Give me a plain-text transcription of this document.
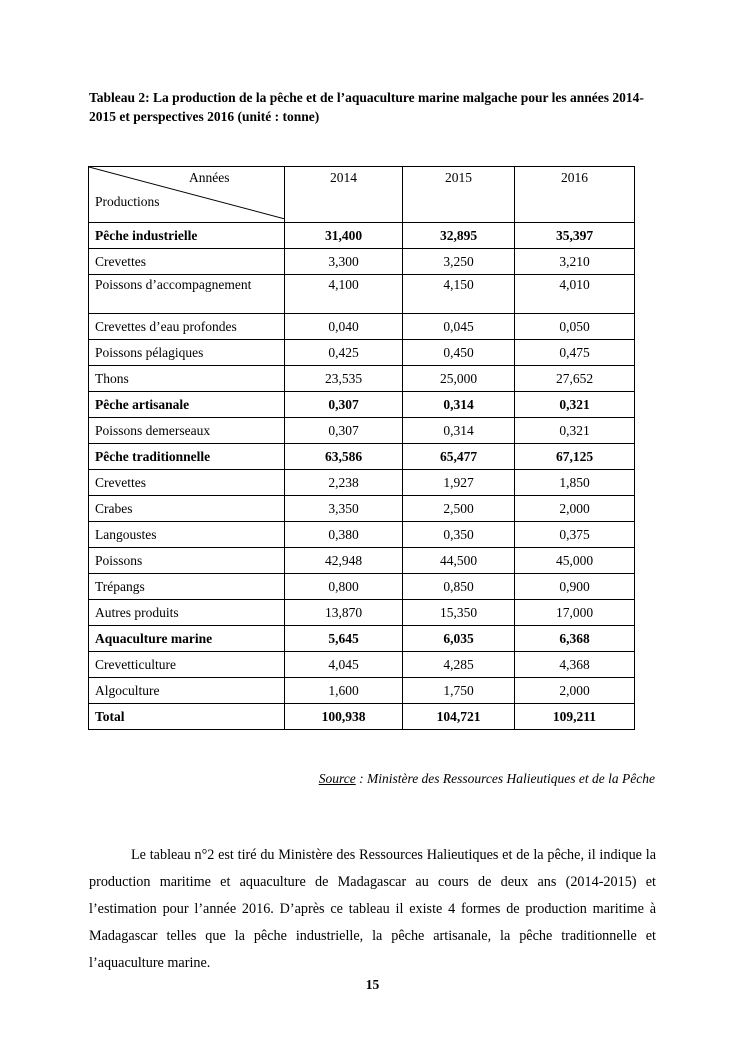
Tableau 2: La production de la pêche et de l’aquaculture marine malgache pour les années 2014-2015 et perspectives 2016 (unité : tonne)
Années
Productions	2014	2015	2016
Pêche industrielle	31,400	32,895	35,397
Crevettes	3,300	3,250	3,210
Poissons d’accompagnement	4,100	4,150	4,010
Crevettes d’eau profondes	0,040	0,045	0,050
Poissons pélagiques	0,425	0,450	0,475
Thons	23,535	25,000	27,652
Pêche artisanale	0,307	0,314	0,321
Poissons demerseaux	0,307	0,314	0,321
Pêche traditionnelle	63,586	65,477	67,125
Crevettes	2,238	1,927	1,850
Crabes	3,350	2,500	2,000
Langoustes	0,380	0,350	0,375
Poissons	42,948	44,500	45,000
Trépangs	0,800	0,850	0,900
Autres produits	13,870	15,350	17,000
Aquaculture marine	5,645	6,035	6,368
Crevetticulture	4,045	4,285	4,368
Algoculture	1,600	1,750	2,000
Total	100,938	104,721	109,211
Source : Ministère des Ressources Halieutiques et de la Pêche
Le tableau n°2 est tiré du Ministère des Ressources Halieutiques et de la pêche, il indique la production maritime et aquaculture de Madagascar au cours de deux ans (2014-2015) et l’estimation pour l’année 2016. D’après ce tableau il existe 4 formes de production maritime à Madagascar telles que la pêche industrielle, la pêche artisanale, la pêche traditionnelle et l’aquaculture marine.
15
